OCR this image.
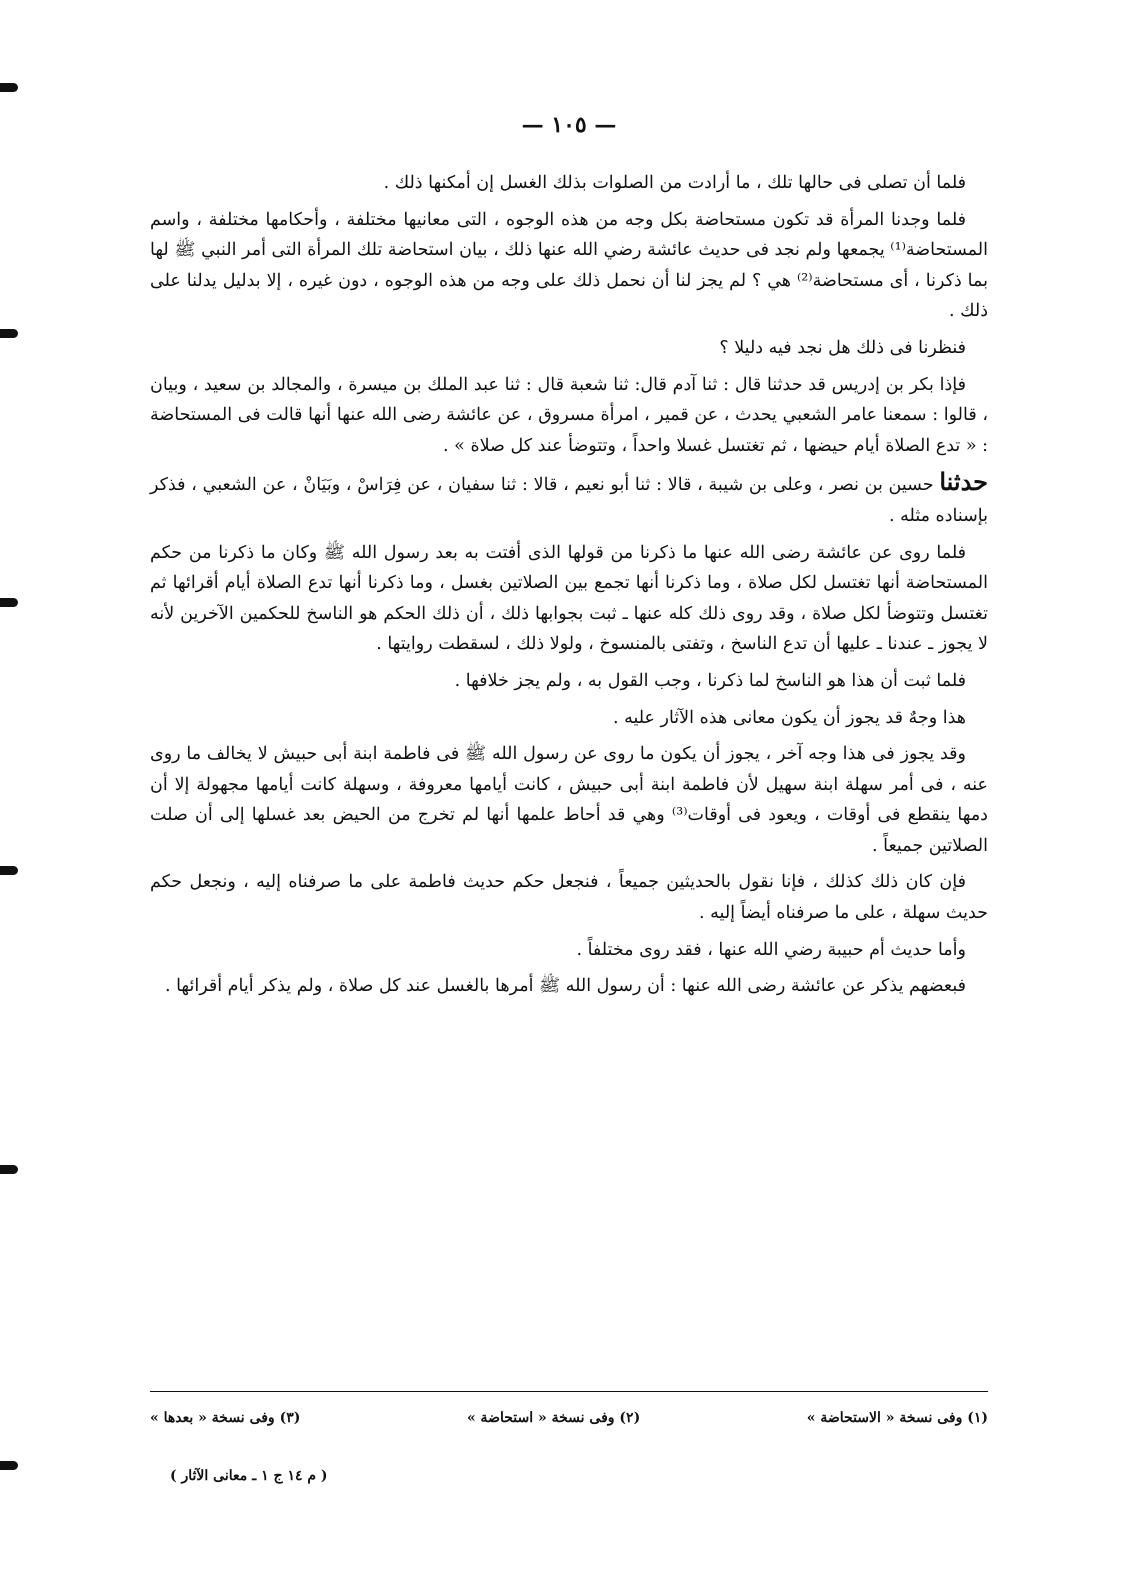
— ١٠٥ —

فلما أن تصلى فى حالها تلك ، ما أرادت من الصلوات بذلك الغسل إن أمكنها ذلك .

فلما وجدنا المرأة قد تكون مستحاضة بكل وجه من هذه الوجوه ، التى معانيها مختلفة ، وأحكامها مختلفة ، واسم المستحاضة⁽¹⁾ يجمعها ولم نجد فى حديث عائشة رضي الله عنها ذلك ، بيان استحاضة تلك المرأة التى أمر النبي ﷺ لها بما ذكرنا ، أى مستحاضة⁽²⁾ هي ؟ لم يجز لنا أن نحمل ذلك على وجه من هذه الوجوه ، دون غيره ، إلا بدليل يدلنا على ذلك .

فنظرنا فى ذلك هل نجد فيه دليلا ؟

فإذا بكر بن إدريس قد حدثنا قال : ثنا آدم قال: ثنا شعبة قال : ثنا عبد الملك بن ميسرة ، والمجالد بن سعيد ، وبيان ، قالوا : سمعنا عامر الشعبي يحدث ، عن قمير ، امرأة مسروق ، عن عائشة رضى الله عنها أنها قالت فى المستحاضة : « تدع الصلاة أيام حيضها ، ثم تغتسل غسلا واحداً ، وتتوضأ عند كل صلاة » .

حدثنا حسين بن نصر ، وعلى بن شيبة ، قالا : ثنا أبو نعيم ، قالا : ثنا سفيان ، عن فِرَاسْ ، وبَيَانْ ، عن الشعبي ، فذكر بإسناده مثله .

فلما روى عن عائشة رضى الله عنها ما ذكرنا من قولها الذى أفتت به بعد رسول الله ﷺ وكان ما ذكرنا من حكم المستحاضة أنها تغتسل لكل صلاة ، وما ذكرنا أنها تجمع بين الصلاتين بغسل ، وما ذكرنا أنها تدع الصلاة أيام أقرائها ثم تغتسل وتتوضأ لكل صلاة ، وقد روى ذلك كله عنها ـ ثبت بجوابها ذلك ، أن ذلك الحكم هو الناسخ للحكمين الآخرين لأنه لا يجوز ـ عندنا ـ عليها أن تدع الناسخ ، وتفتى بالمنسوخ ، ولولا ذلك ، لسقطت روايتها .

فلما ثبت أن هذا هو الناسخ لما ذكرنا ، وجب القول به ، ولم يجز خلافها .

هذا وجهٌ قد يجوز أن يكون معانى هذه الآثار عليه .

وقد يجوز فى هذا وجه آخر ، يجوز أن يكون ما روى عن رسول الله ﷺ فى فاطمة ابنة أبى حبيش لا يخالف ما روى عنه ، فى أمر سهلة ابنة سهيل لأن فاطمة ابنة أبى حبيش ، كانت أيامها معروفة ، وسهلة كانت أيامها مجهولة إلا أن دمها ينقطع فى أوقات ، ويعود فى أوقات⁽³⁾ وهي قد أحاط علمها أنها لم تخرج من الحيض بعد غسلها إلى أن صلت الصلاتين جميعاً .

فإن كان ذلك كذلك ، فإنا نقول بالحديثين جميعاً ، فنجعل حكم حديث فاطمة على ما صرفناه إليه ، ونجعل حكم حديث سهلة ، على ما صرفناه أيضاً إليه .

وأما حديث أم حبيبة رضي الله عنها ، فقد روى مختلفاً .

فبعضهم يذكر عن عائشة رضى الله عنها : أن رسول الله ﷺ أمرها بالغسل عند كل صلاة ، ولم يذكر أيام أقرائها .

(١) وفى نسخة « الاستحاضة »
(٢) وفى نسخة « استحاضة »
(٣) وفى نسخة « بعدها »
( م ١٤ ج ١ ـ معانى الآثار )
